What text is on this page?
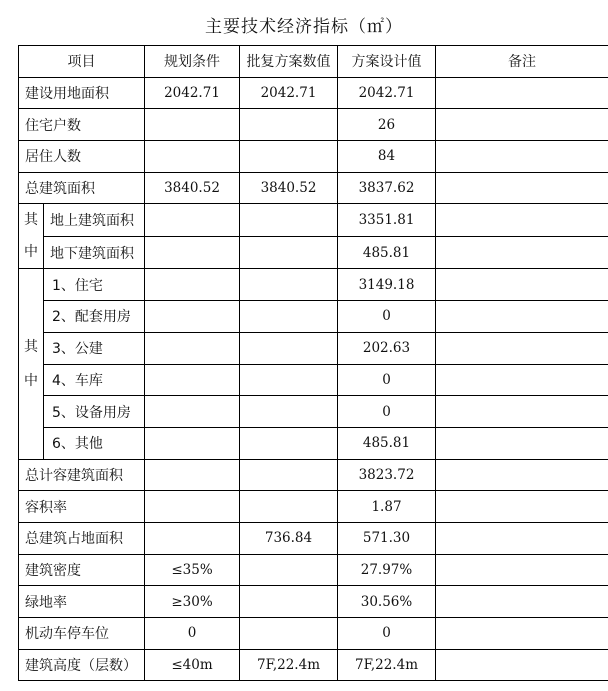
主要技术经济指标（㎡）
项目		规划条件	批复方案数值	方案设计值	备注
建设用地面积		2042.71	2042.71	2042.71	
住宅户数				26	
居住人数				84	
总建筑面积		3840.52	3840.52	3837.62	
其中	地上建筑面积			3351.81	
	地下建筑面积			485.81	
其中	1、住宅			3149.18	
	2、配套用房			0	
	3、公建			202.63	
	4、车库			0	
	5、设备用房			0	
	6、其他			485.81	
总计容建筑面积				3823.72	
容积率				1.87	
总建筑占地面积			736.84	571.30	
建筑密度		≤35%		27.97%	
绿地率		≥30%		30.56%	
机动车停车位		0		0	
建筑高度（层数）		≤40m	7F,22.4m	7F,22.4m	
